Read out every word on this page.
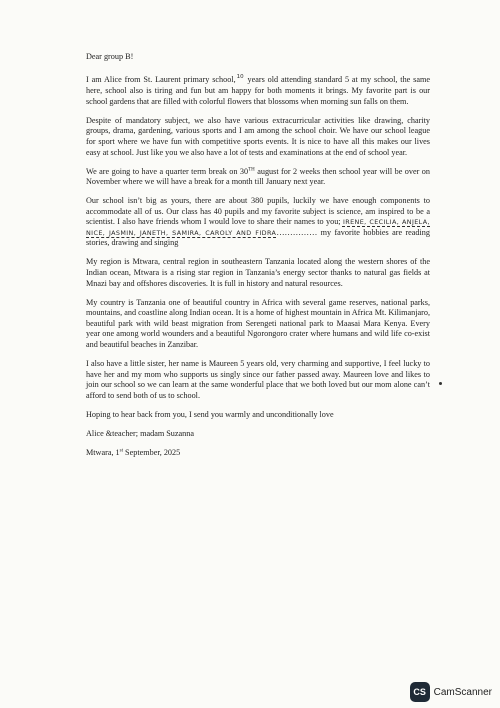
Dear group B!

I am Alice from St. Laurent primary school,$^{10}$ years old attending standard 5 at my school, the same here, school also is tiring and fun but am happy for both moments it brings. My favorite part is our school gardens that are filled with colorful flowers that blossoms when morning sun falls on them.

Despite of mandatory subject, we also have various extracurricular activities like drawing, charity groups, drama, gardening, various sports and I am among the school choir. We have our school league for sport where we have fun with competitive sports events. It is nice to have all this makes our lives easy at school. Just like you we also have a lot of tests and examinations at the end of school year.

We are going to have a quarter term break on 30TH august for 2 weeks then school year will be over on November where we will have a break for a month till January next year.

Our school isn’t big as yours, there are about 380 pupils, luckily we have enough components to accommodate all of us. Our class has 40 pupils and my favorite subject is science, am inspired to be a scientist. I also have friends whom I would love to share their names to you; IRENE, CECILIA, ANJELA, NICE, JASMIN, JANETH, SAMIRA, CAROLY AND FIDRA…………… my favorite hobbies are reading stories, drawing and singing

My region is Mtwara, central region in southeastern Tanzania located along the western shores of the Indian ocean, Mtwara is a rising star region in Tanzania’s energy sector thanks to natural gas fields at Mnazi bay and offshores discoveries. It is full in history and natural resources.

My country is Tanzania one of beautiful country in Africa with several game reserves, national parks, mountains, and coastline along Indian ocean. It is a home of highest mountain in Africa Mt. Kilimanjaro, beautiful park with wild beast migration from Serengeti national park to Maasai Mara Kenya. Every year one among world wounders and a beautiful Ngorongoro crater where humans and wild life co-exist and beautiful beaches in Zanzibar.

I also have a little sister, her name is Maureen 5 years old, very charming and supportive, I feel lucky to have her and my mom who supports us singly since our father passed away. Maureen love and likes to join our school so we can learn at the same wonderful place that we both loved but our mom alone can’t afford to send both of us to school.

Hoping to hear back from you, I send you warmly and unconditionally love

Alice &teacher; madam Suzanna

Mtwara, 1st September, 2025

CS CamScanner
